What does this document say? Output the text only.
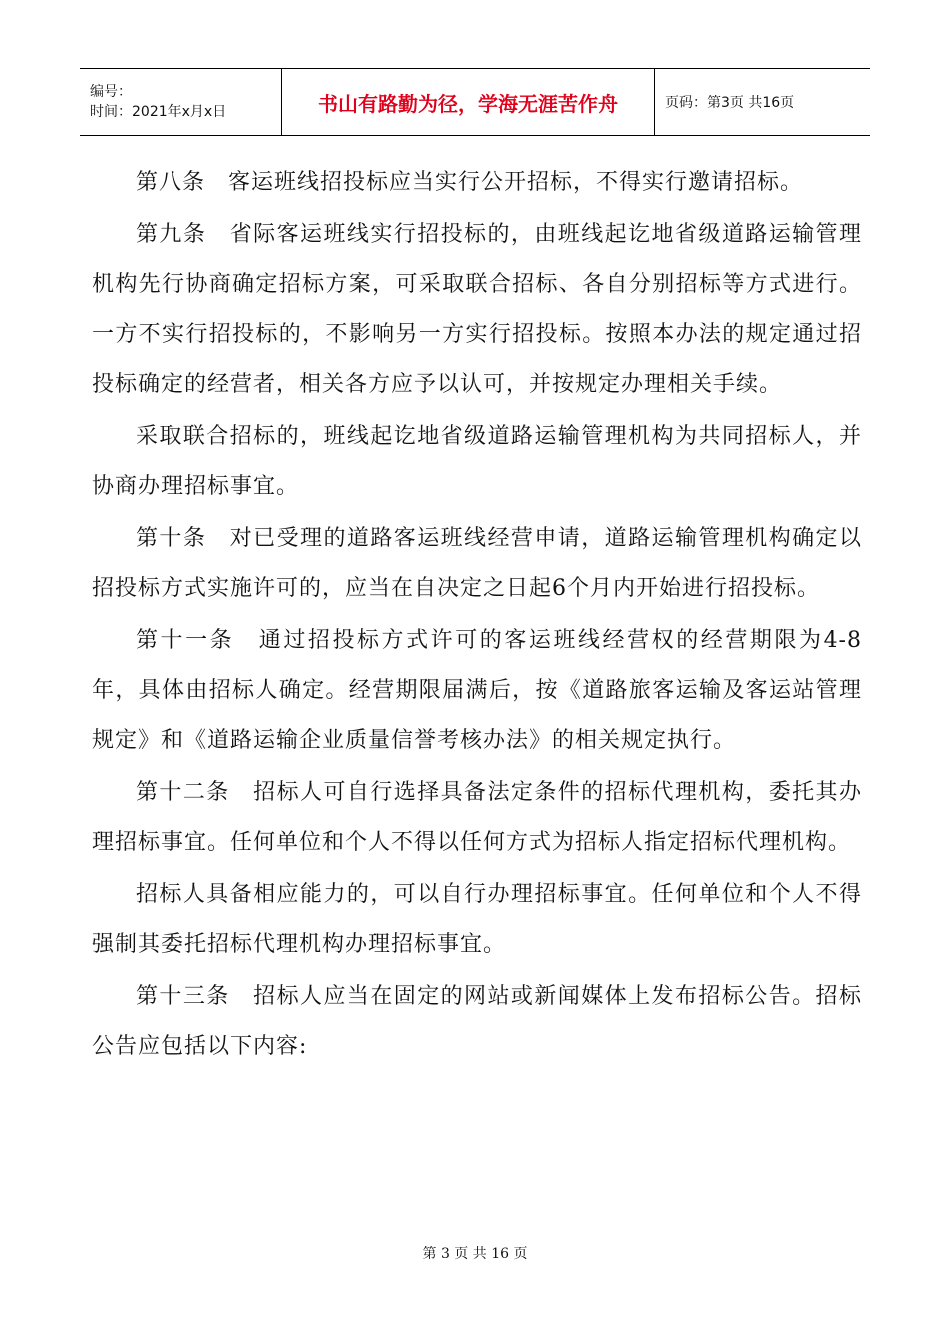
编号：
时间：2021年x月x日	书山有路勤为径，学海无涯苦作舟	页码：第3页 共16页

第八条　客运班线招投标应当实行公开招标，不得实行邀请招标。

第九条　省际客运班线实行招投标的，由班线起讫地省级道路运输管理机构先行协商确定招标方案，可采取联合招标、各自分别招标等方式进行。一方不实行招投标的，不影响另一方实行招投标。按照本办法的规定通过招投标确定的经营者，相关各方应予以认可，并按规定办理相关手续。

采取联合招标的，班线起讫地省级道路运输管理机构为共同招标人，并协商办理招标事宜。

第十条　对已受理的道路客运班线经营申请，道路运输管理机构确定以招投标方式实施许可的，应当在自决定之日起6个月内开始进行招投标。

第十一条　通过招投标方式许可的客运班线经营权的经营期限为4-8年，具体由招标人确定。经营期限届满后，按《道路旅客运输及客运站管理规定》和《道路运输企业质量信誉考核办法》的相关规定执行。

第十二条　招标人可自行选择具备法定条件的招标代理机构，委托其办理招标事宜。任何单位和个人不得以任何方式为招标人指定招标代理机构。

招标人具备相应能力的，可以自行办理招标事宜。任何单位和个人不得强制其委托招标代理机构办理招标事宜。

第十三条　招标人应当在固定的网站或新闻媒体上发布招标公告。招标公告应包括以下内容:

第 3 页 共 16 页
